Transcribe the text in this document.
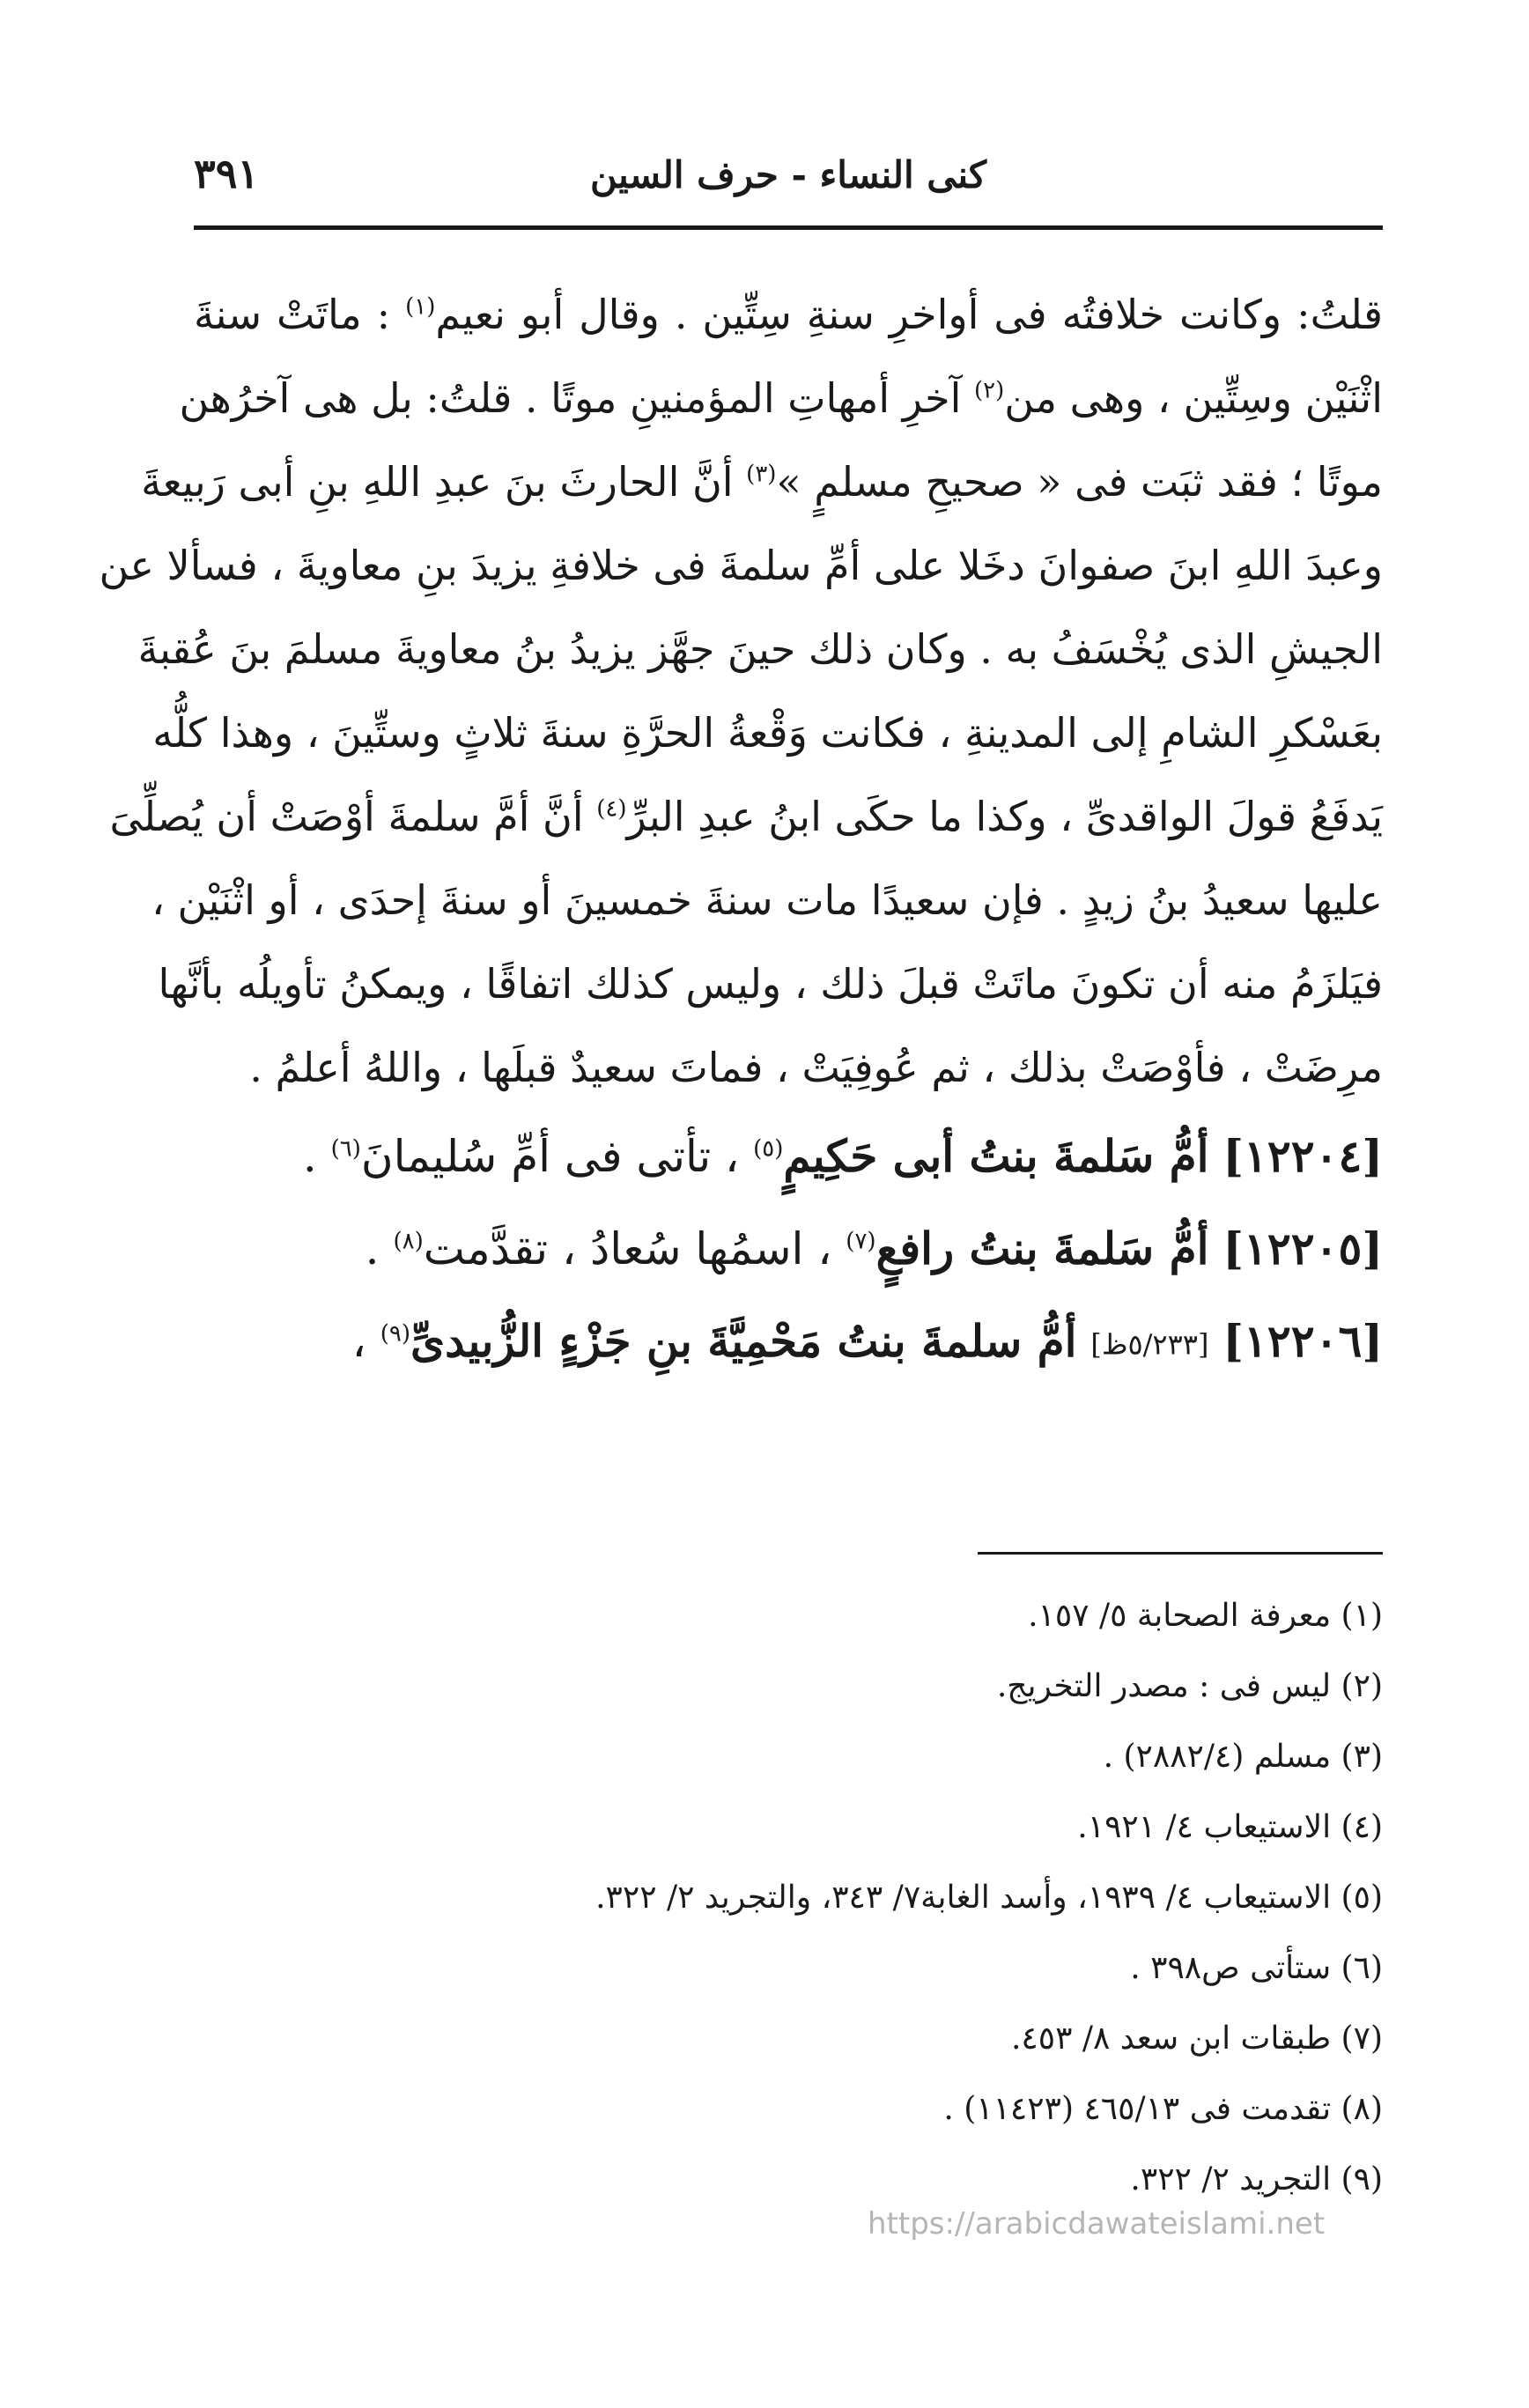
٣٩١	كنى النساء - حرف السين
قلتُ: وكانت خلافتُه فى أواخرِ سنةِ سِتِّين . وقال أبو نعيم$^{(١)}$ : ماتَتْ سنةَ
اثْنَيْن وسِتِّين ، وهى من$^{(٢)}$ آخرِ أمهاتِ المؤمنينِ موتًا . قلتُ: بل هى آخرُهن
موتًا ؛ فقد ثبَت فى « صحيحِ مسلمٍ »$^{(٣)}$ أنَّ الحارثَ بنَ عبدِ اللهِ بنِ أبى رَبيعةَ
وعبدَ اللهِ ابنَ صفوانَ دخَلا على أمِّ سلمةَ فى خلافةِ يزيدَ بنِ معاويةَ ، فسألا عن
الجيشِ الذى يُخْسَفُ به . وكان ذلك حينَ جهَّز يزيدُ بنُ معاويةَ مسلمَ بنَ عُقبةَ
بعَسْكرِ الشامِ إلى المدينةِ ، فكانت وَقْعةُ الحرَّةِ سنةَ ثلاثٍ وستِّينَ ، وهذا كلُّه
يَدفَعُ قولَ الواقدىِّ ، وكذا ما حكَى ابنُ عبدِ البرِّ$^{(٤)}$ أنَّ أمَّ سلمةَ أوْصَتْ أن يُصلِّىَ
عليها سعيدُ بنُ زيدٍ . فإن سعيدًا مات سنةَ خمسينَ أو سنةَ إحدَى ، أو اثْنَيْن ،
فيَلزَمُ منه أن تكونَ ماتَتْ قبلَ ذلك ، وليس كذلك اتفاقًا ، ويمكنُ تأويلُه بأنَّها
مرِضَتْ ، فأوْصَتْ بذلك ، ثم عُوفِيَتْ ، فماتَ سعيدٌ قبلَها ، واللهُ أعلمُ .
[١٢٢٠٤] أمُّ سَلمةَ بنتُ أبى حَكِيمٍ$^{(٥)}$ ، تأتى فى أمِّ سُليمانَ$^{(٦)}$ .
[١٢٢٠٥] أمُّ سَلمةَ بنتُ رافعٍ$^{(٧)}$ ، اسمُها سُعادُ ، تقدَّمت$^{(٨)}$ .
[١٢٢٠٦] [٥/٢٣٣ظ] أمُّ سلمةَ بنتُ مَحْمِيَّةَ بنِ جَزْءٍ الزُّبيدىِّ$^{(٩)}$ ،
(١) معرفة الصحابة ٥/ ١٥٧.
(٢) ليس فى : مصدر التخريج.
(٣) مسلم (٢٨٨٢/٤) .
(٤) الاستيعاب ٤/ ١٩٢١.
(٥) الاستيعاب ٤/ ١٩٣٩، وأسد الغابة٧/ ٣٤٣، والتجريد ٢/ ٣٢٢.
(٦) ستأتى ص٣٩٨ .
(٧) طبقات ابن سعد ٨/ ٤٥٣.
(٨) تقدمت فى ٤٦٥/١٣ (١١٤٢٣) .
(٩) التجريد ٢/ ٣٢٢.
https://arabicdawateislami.net
